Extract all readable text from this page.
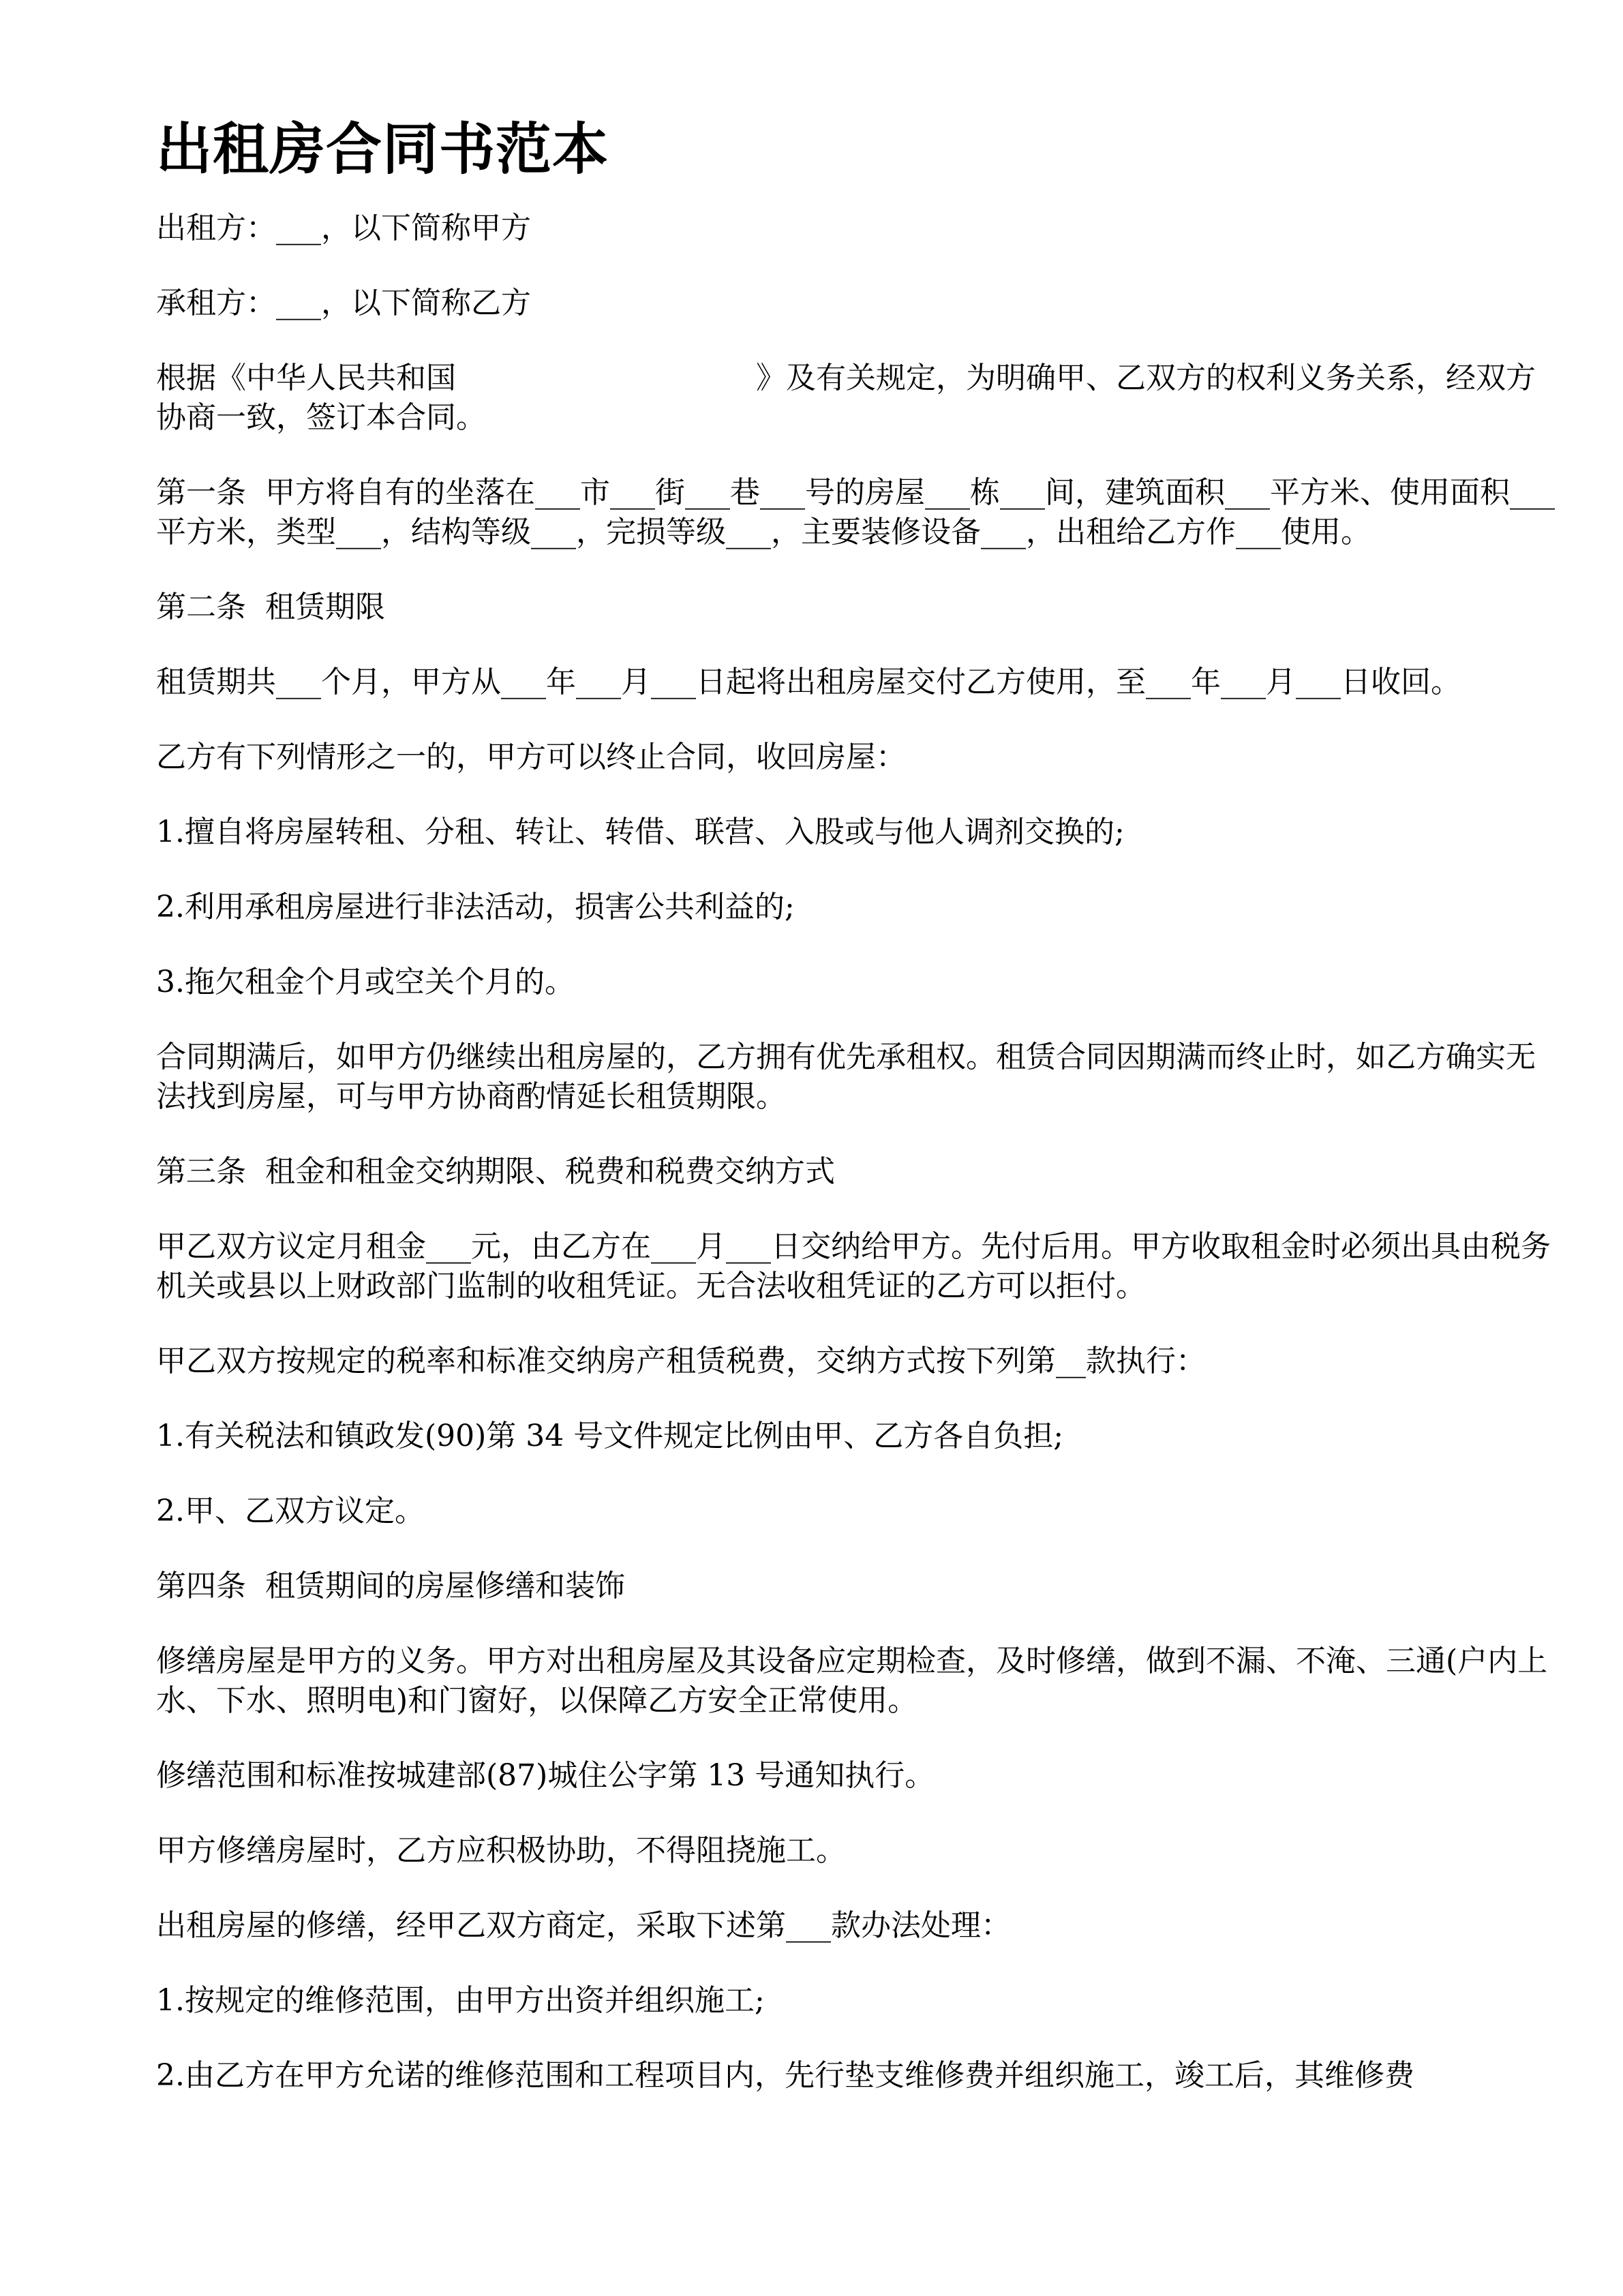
出租房合同书范本

出租方：___，以下简称甲方

承租方：___，以下简称乙方

根据《中华人民共和国　　　　　　　　　　》及有关规定，为明确甲、乙双方的权利义务关系，经双方协商一致，签订本合同。

第一条  甲方将自有的坐落在___市___街___巷___号的房屋___栋___间，建筑面积___平方米、使用面积___平方米，类型___，结构等级___，完损等级___，主要装修设备___，出租给乙方作___使用。

第二条  租赁期限

租赁期共___个月，甲方从___年___月___日起将出租房屋交付乙方使用，至___年___月___日收回。

乙方有下列情形之一的，甲方可以终止合同，收回房屋：

1.擅自将房屋转租、分租、转让、转借、联营、入股或与他人调剂交换的;

2.利用承租房屋进行非法活动，损害公共利益的;

3.拖欠租金个月或空关个月的。

合同期满后，如甲方仍继续出租房屋的，乙方拥有优先承租权。租赁合同因期满而终止时，如乙方确实无法找到房屋，可与甲方协商酌情延长租赁期限。

第三条  租金和租金交纳期限、税费和税费交纳方式

甲乙双方议定月租金___元，由乙方在___月___日交纳给甲方。先付后用。甲方收取租金时必须出具由税务机关或县以上财政部门监制的收租凭证。无合法收租凭证的乙方可以拒付。

甲乙双方按规定的税率和标准交纳房产租赁税费，交纳方式按下列第__款执行：

1.有关税法和镇政发(90)第 34 号文件规定比例由甲、乙方各自负担;

2.甲、乙双方议定。

第四条  租赁期间的房屋修缮和装饰

修缮房屋是甲方的义务。甲方对出租房屋及其设备应定期检查，及时修缮，做到不漏、不淹、三通(户内上水、下水、照明电)和门窗好，以保障乙方安全正常使用。

修缮范围和标准按城建部(87)城住公字第 13 号通知执行。

甲方修缮房屋时，乙方应积极协助，不得阻挠施工。

出租房屋的修缮，经甲乙双方商定，采取下述第___款办法处理：

1.按规定的维修范围，由甲方出资并组织施工;

2.由乙方在甲方允诺的维修范围和工程项目内，先行垫支维修费并组织施工，竣工后，其维修费
